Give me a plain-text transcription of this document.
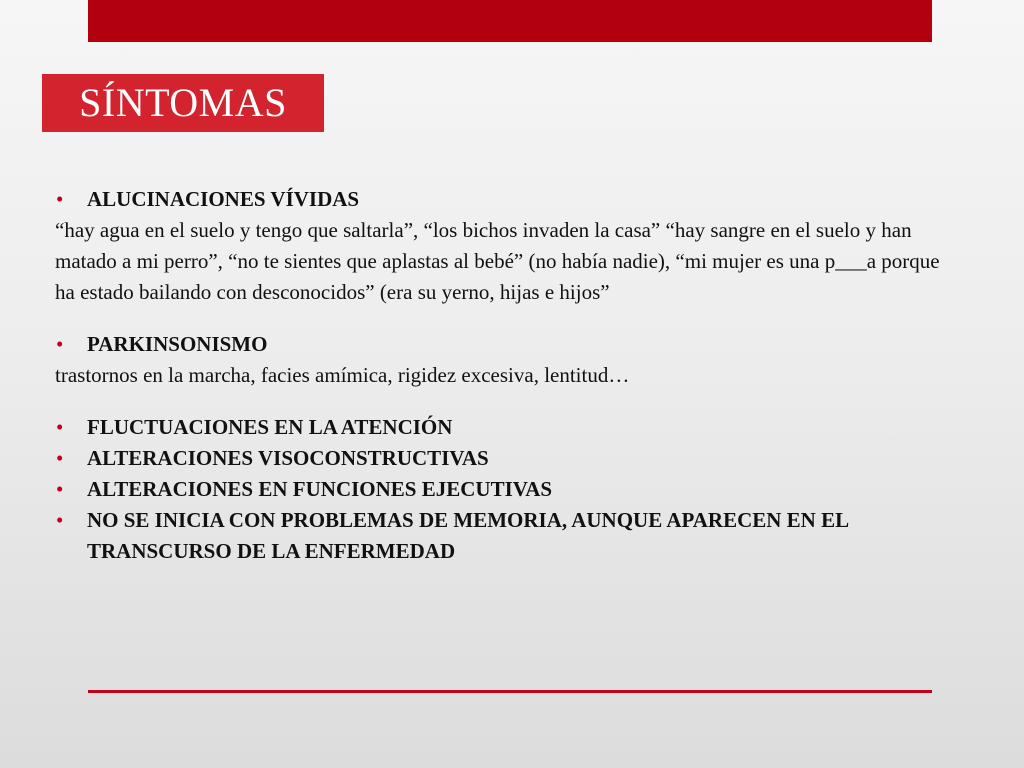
SÍNTOMAS
• ALUCINACIONES VÍVIDAS
“hay agua en el suelo y tengo que saltarla”, “los bichos invaden la casa” “hay sangre en el suelo y han matado a mi perro”, “no te sientes que aplastas al bebé” (no había nadie), “mi mujer es una p___a porque ha estado bailando con desconocidos” (era su yerno, hijas e hijos”
• PARKINSONISMO
trastornos en la marcha, facies amímica, rigidez excesiva, lentitud…
• FLUCTUACIONES EN LA ATENCIÓN
• ALTERACIONES VISOCONSTRUCTIVAS
• ALTERACIONES EN FUNCIONES EJECUTIVAS
• NO SE INICIA CON PROBLEMAS DE MEMORIA, AUNQUE APARECEN EN EL TRANSCURSO DE LA ENFERMEDAD
